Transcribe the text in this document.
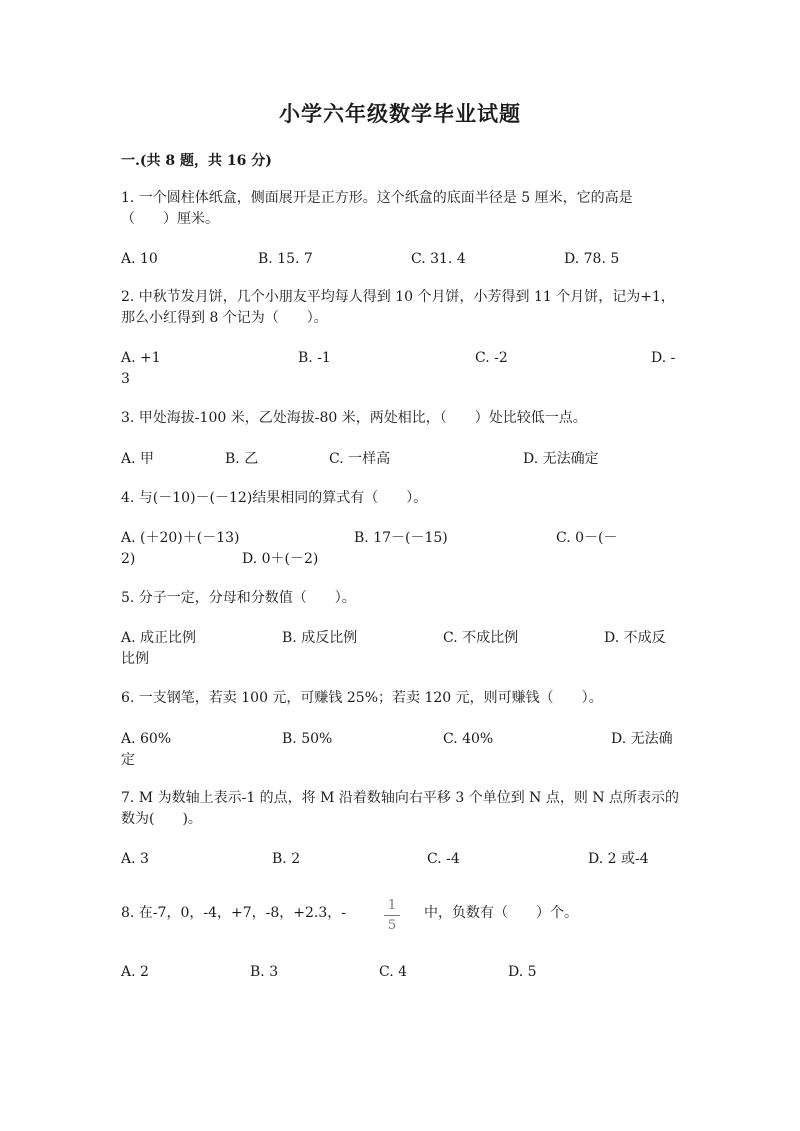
小学六年级数学毕业试题
一.(共 8 题，共 16 分)
1. 一个圆柱体纸盒，侧面展开是正方形。这个纸盒的底面半径是 5 厘米，它的高是（　　）厘米。
A. 10	B. 15. 7	C. 31. 4	D. 78. 5
2. 中秋节发月饼，几个小朋友平均每人得到 10 个月饼，小芳得到 11 个月饼，记为+1，那么小红得到 8 个记为（　　）。
A. +1	B. -1	C. -2	D. -
3
3. 甲处海拔-100 米，乙处海拔-80 米，两处相比，（　　）处比较低一点。
A. 甲	B. 乙	C. 一样高	D. 无法确定
4. 与(－10)－(－12)结果相同的算式有（　　）。
A. (＋20)＋(－13)	B. 17－(－15)	C. 0－(－
2)	D. 0＋(－2)
5. 分子一定，分母和分数值（　　）。
A. 成正比例	B. 成反比例	C. 不成比例	D. 不成反
比例
6. 一支钢笔，若卖 100 元，可赚钱 25%；若卖 120 元，则可赚钱（　　）。
A. 60%	B. 50%	C. 40%	D. 无法确
定
7. M 为数轴上表示-1 的点，将 M 沿着数轴向右平移 3 个单位到 N 点，则 N 点所表示的数为(　　)。
A. 3	B. 2	C. -4	D. 2 或-4
8. 在-7，0，-4，+7，-8，+2.3，-	1
5
中，负数有（　　）个。
A. 2	B. 3	C. 4	D. 5
